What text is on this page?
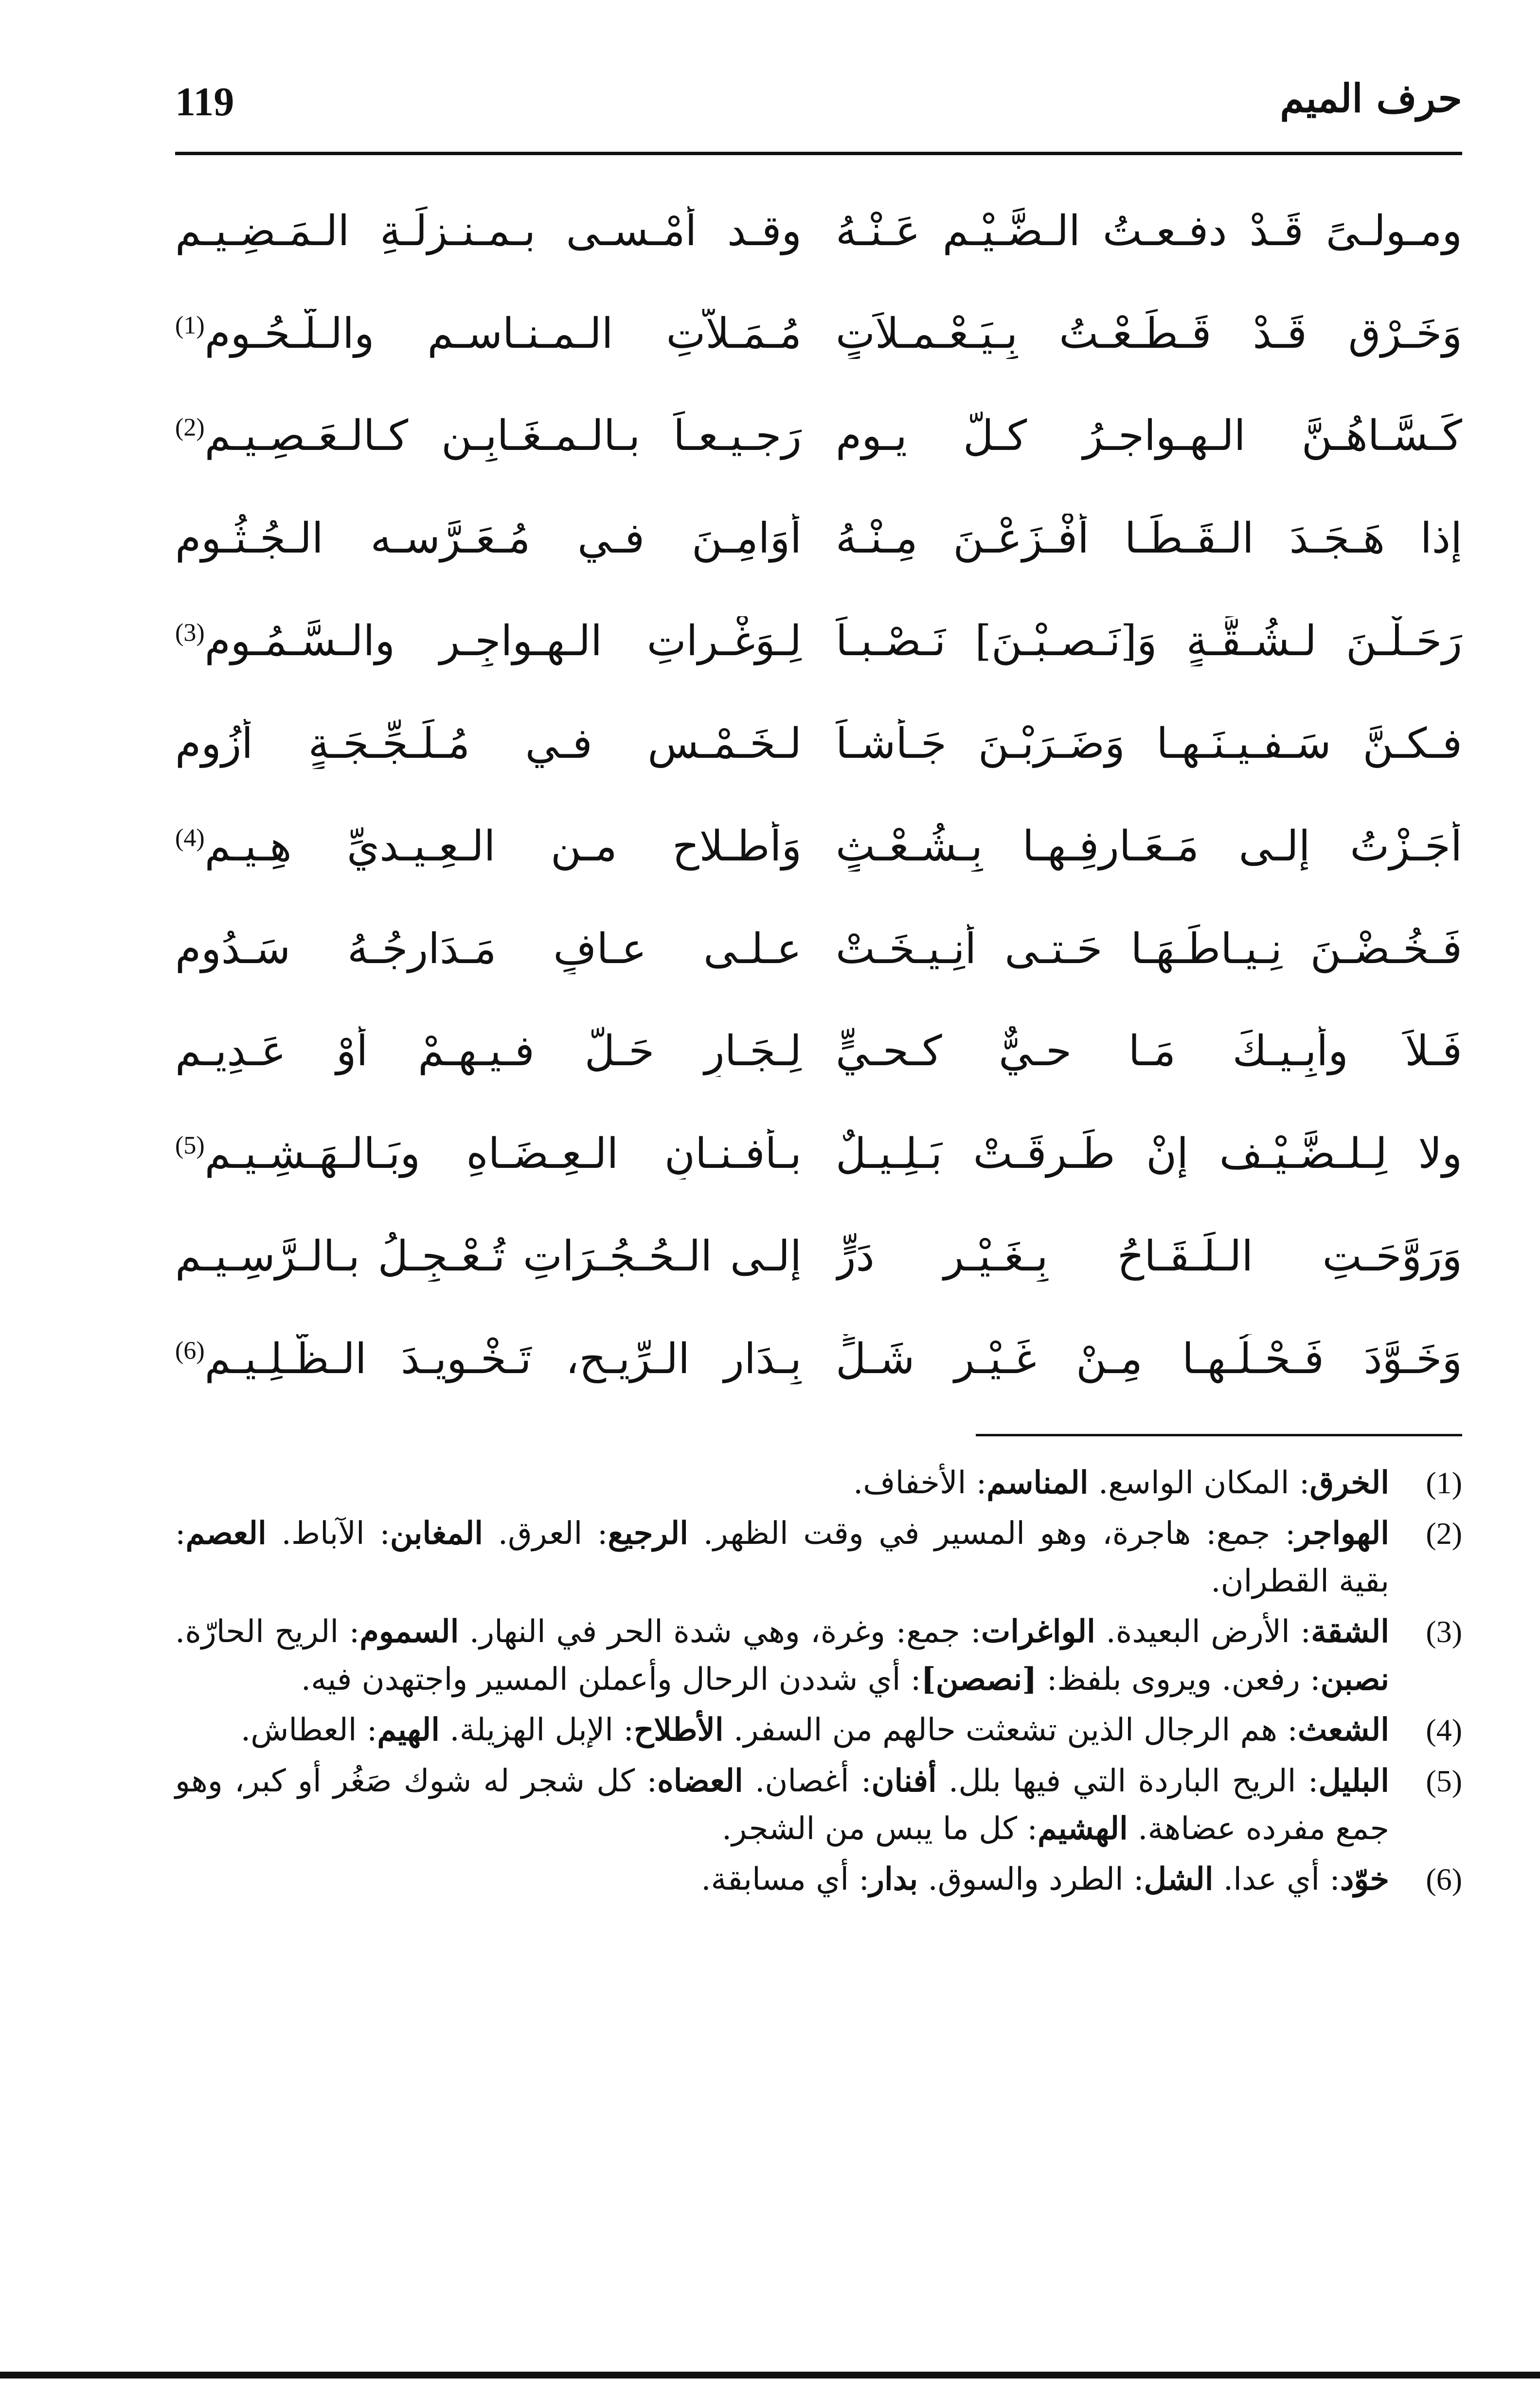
119	حرف الميم
ومـولـىً قَـدْ دفـعـتُ الـضَّـيْـم عَـنْـهُ
وقـد أمْـسـى بـمـنـزلَـةِ الـمَـضِـيـم
وَخَـرْقٍ قَـدْ قَـطَـعْـتُ بِـيَـعْـمـلاَتٍ
مُـمَـلاَّتِ الـمـنـاسـم والـلّـحُـومِ$^{(1)}$
كَـسَّـاهُـنَّ الـهـواجـرُ كـلَّ يـوم
رَجـيـعـاً بـالـمـغَـابِـنِ كـالـعَـصِـيـمِ$^{(2)}$
إذا هَـجَـدَ الـقَـطَـا أفْـزَعْـنَ مِـنْـهُ
أوَامِـنَ فـي مُـعَـرَّسـه الـجُـثُـوم
رَحَـلْـنَ لـشُـقَّـةٍ وَ[نَـصـبْـنَ] نَـصْـبـاً
لِـوَغْـراتِ الـهـواجِـر والـسَّـمُـومِ$^{(3)}$
فـكـنَّ سَـفـيـنَـهـا وَضَـرَبْـنَ جَـأْشـاً
لـخَـمْـسٍ فـي مُـلَـجِّـجَـةٍ أَزُوم
أجَـزْتُ إلـى مَـعَـارِفِـهـا بِـشُـعْـثٍ
وَأطـلاح مـن الـعِـيـديِّ هِـيـمِ$^{(4)}$
فَـخُـضْـنَ نِـيـاطَـهَـا حَـتـى أُنِـيـخَـتْ
عـلـى عـافٍ مَـدَارِجُـهُ سَـدُوم
فَـلاَ وأبِـيـكَ مَـا حـيٌّ كـحـيٍّ
لِـجَـارٍ حَـلَّ فـيـهِـمْ أَوْ عَـدِيـم
ولا لِـلـضَّـيْـف إنْ طَـرقَـتْ بَـلِـيـلٌ
بـأفـنـانِ الـعِـضَـاهِ وبَـالـهَـشِـيـمِ$^{(5)}$
وَرَوَّحَـتِ الـلِّـقَـاحُ بِـغَـيْـرِ دَرٍّ
إلـى الـحُـجُـرَاتِ تُـعْـجِـلُ بـالـرَّسِـيـم
وَخَـوَّدَ فَـحْـلُـهـا مِـنْ غَـيْـرِ شَـلٍّ
بِـدَارِ الـرِّيـحِ، تَـخْـوِيـدَ الـظَّـلِـيـمِ$^{(6)}$
(1)
الخرق: المكان الواسع. المناسم: الأخفاف.
(2)
الهواجر: جمع: هاجرة، وهو المسير في وقت الظهر. الرجيع: العرق. المغابن: الآباط. العصم: بقية القطران.
(3)
الشقة: الأرض البعيدة. الواغرات: جمع: وغرة، وهي شدة الحر في النهار. السموم: الريح الحارّة. نصبن: رفعن. ويروى بلفظ: [نصصن]: أي شددن الرحال وأعملن المسير واجتهدن فيه.
(4)
الشعث: هم الرجال الذين تشعثت حالهم من السفر. الأطلاح: الإبل الهزيلة. الهيم: العطاش.
(5)
البليل: الريح الباردة التي فيها بلل. أفنان: أغصان. العضاه: كل شجر له شوك صَغُر أو كبر، وهو جمع مفرده عضاهة. الهشيم: كل ما يبس من الشجر.
(6)
خوّد: أي عدا. الشل: الطرد والسوق. بدار: أي مسابقة.
